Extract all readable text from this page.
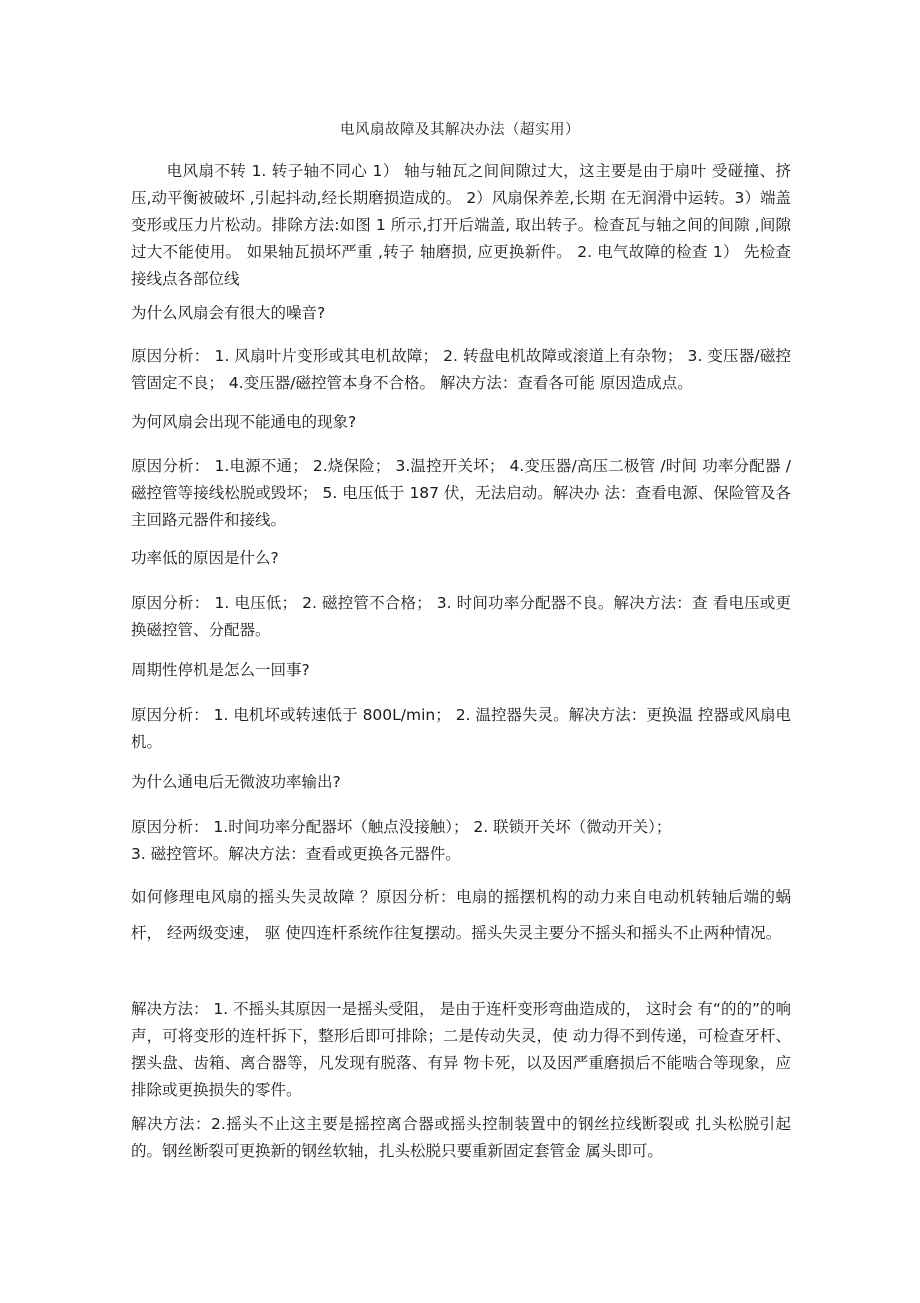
电风扇故障及其解决办法（超实用）

电风扇不转 1. 转子轴不同心 1） 轴与轴瓦之间间隙过大，这主要是由于扇叶 受碰撞、挤压,动平衡被破坏 ,引起抖动,经长期磨损造成的。 2）风扇保养差,长期 在无润滑中运转。3）端盖变形或压力片松动。排除方法:如图 1 所示,打开后端盖, 取出转子。检查瓦与轴之间的间隙 ,间隙过大不能使用。 如果轴瓦损坏严重 ,转子 轴磨损, 应更换新件。 2. 电气故障的检查 1） 先检查接线点各部位线

为什么风扇会有很大的噪音?

原因分析： 1. 风扇叶片变形或其电机故障； 2. 转盘电机故障或滚道上有杂物； 3. 变压器/磁控管固定不良； 4.变压器/磁控管本身不合格。 解决方法：查看各可能 原因造成点。

为何风扇会出现不能通电的现象?

原因分析： 1.电源不通； 2.烧保险； 3.温控开关坏； 4.变压器/高压二极管 /时间 功率分配器 / 磁控管等接线松脱或毁坏； 5. 电压低于 187 伏，无法启动。解决办 法：查看电源、保险管及各主回路元器件和接线。

功率低的原因是什么?

原因分析： 1. 电压低； 2. 磁控管不合格； 3. 时间功率分配器不良。解决方法：查 看电压或更换磁控管、分配器。

周期性停机是怎么一回事?

原因分析： 1. 电机坏或转速低于 800L/min； 2. 温控器失灵。解决方法：更换温 控器或风扇电机。

为什么通电后无微波功率输出?

原因分析： 1.时间功率分配器坏（触点没接触）； 2. 联锁开关坏（微动开关）；

3. 磁控管坏。解决方法：查看或更换各元器件。

如何修理电风扇的摇头失灵故障 ？原因分析：电扇的摇摆机构的动力来自电动机转轴后端的蜗杆， 经两级变速， 驱 使四连杆系统作往复摆动。摇头失灵主要分不摇头和摇头不止两种情况。

解决方法： 1. 不摇头其原因一是摇头受阻， 是由于连杆变形弯曲造成的， 这时会 有“的的”的响声，可将变形的连杆拆下，整形后即可排除；二是传动失灵，使 动力得不到传递，可检查牙杆、摆头盘、齿箱、离合器等，凡发现有脱落、有异 物卡死，以及因严重磨损后不能啮合等现象，应排除或更换损失的零件。

解决方法：2.摇头不止这主要是摇控离合器或摇头控制装置中的钢丝拉线断裂或 扎头松脱引起的。钢丝断裂可更换新的钢丝软轴，扎头松脱只要重新固定套管金 属头即可。
